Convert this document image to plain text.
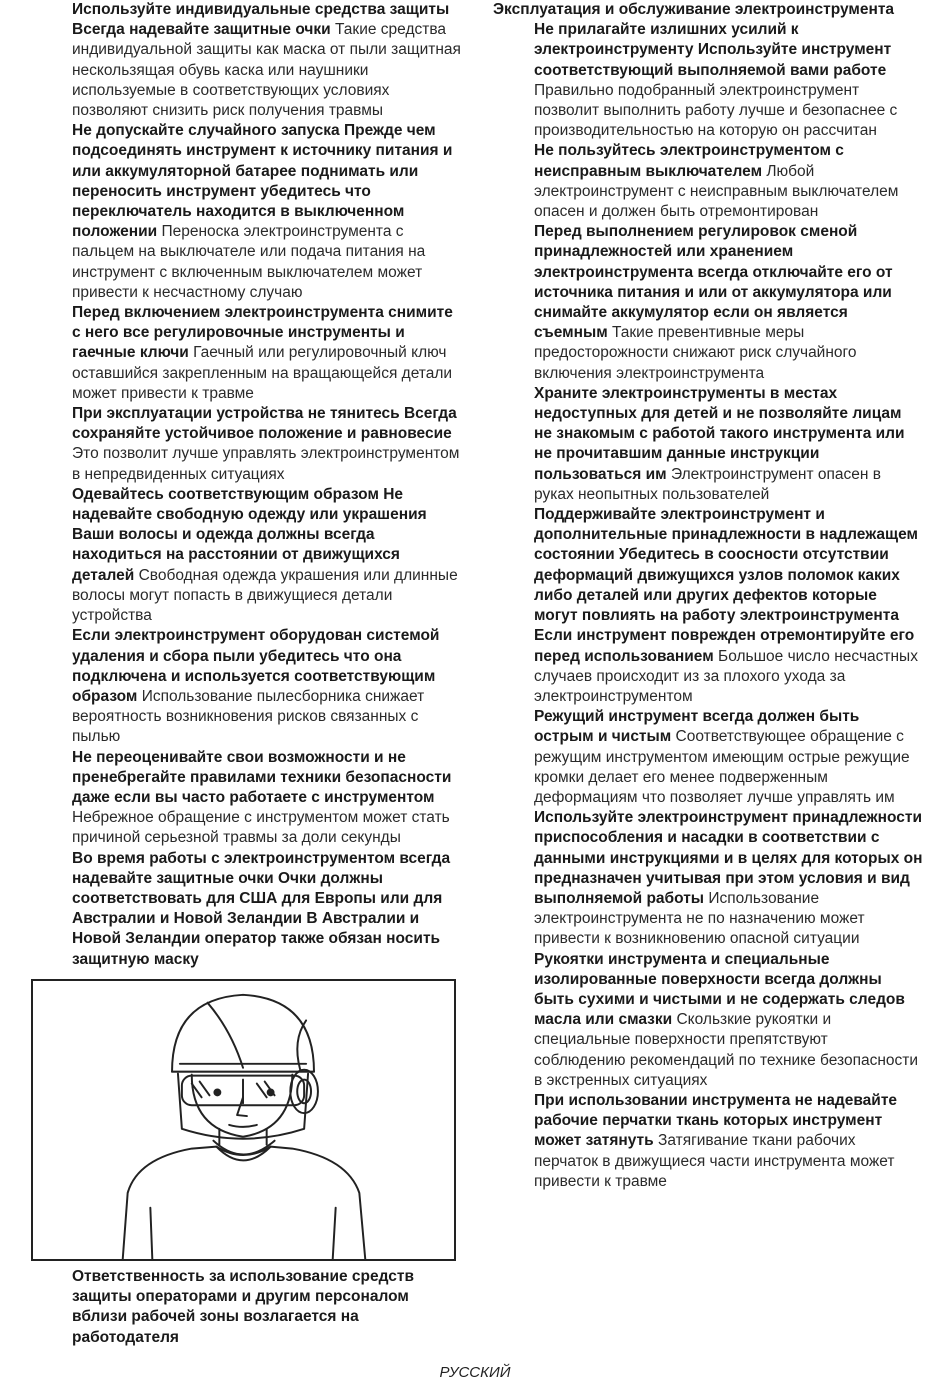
Используйте индивидуальные средства защиты Всегда надевайте защитные очки Такие средства индивидуальной защиты как маска от пыли защитная нескользящая обувь каска или наушники используемые в соответствующих условиях позволяют снизить риск получения травмы

Не допускайте случайного запуска Прежде чем подсоединять инструмент к источнику питания и или аккумуляторной батарее поднимать или переносить инструмент убедитесь что переключатель находится в выключенном положении Переноска электроинструмента с пальцем на выключателе или подача питания на инструмент с включенным выключателем может привести к несчастному случаю

Перед включением электроинструмента снимите с него все регулировочные инструменты и гаечные ключи Гаечный или регулировочный ключ оставшийся закрепленным на вращающейся детали может привести к травме

При эксплуатации устройства не тянитесь Всегда сохраняйте устойчивое положение и равновесие Это позволит лучше управлять электроинструментом в непредвиденных ситуациях

Одевайтесь соответствующим образом Не надевайте свободную одежду или украшения Ваши волосы и одежда должны всегда находиться на расстоянии от движущихся деталей Свободная одежда украшения или длинные волосы могут попасть в движущиеся детали устройства

Если электроинструмент оборудован системой удаления и сбора пыли убедитесь что она подключена и используется соответствующим образом Использование пылесборника снижает вероятность возникновения рисков связанных с пылью

Не переоценивайте свои возможности и не пренебрегайте правилами техники безопасности даже если вы часто работаете с инструментом Небрежное обращение с инструментом может стать причиной серьезной травмы за доли секунды

Во время работы с электроинструментом всегда надевайте защитные очки Очки должны соответствовать для США для Европы или для Австралии и Новой Зеландии В Австралии и Новой Зеландии оператор также обязан носить защитную маску

Ответственность за использование средств защиты операторами и другим персоналом вблизи рабочей зоны возлагается на работодателя

Эксплуатация и обслуживание электроинструмента

Не прилагайте излишних усилий к электроинструменту Используйте инструмент соответствующий выполняемой вами работе Правильно подобранный электроинструмент позволит выполнить работу лучше и безопаснее с производительностью на которую он рассчитан

Не пользуйтесь электроинструментом с неисправным выключателем Любой электроинструмент с неисправным выключателем опасен и должен быть отремонтирован

Перед выполнением регулировок сменой принадлежностей или хранением электроинструмента всегда отключайте его от источника питания и или от аккумулятора или снимайте аккумулятор если он является съемным Такие превентивные меры предосторожности снижают риск случайного включения электроинструмента

Храните электроинструменты в местах недоступных для детей и не позволяйте лицам не знакомым с работой такого инструмента или не прочитавшим данные инструкции пользоваться им Электроинструмент опасен в руках неопытных пользователей

Поддерживайте электроинструмент и дополнительные принадлежности в надлежащем состоянии Убедитесь в соосности отсутствии деформаций движущихся узлов поломок каких либо деталей или других дефектов которые могут повлиять на работу электроинструмента Если инструмент поврежден отремонтируйте его перед использованием Большое число несчастных случаев происходит из за плохого ухода за электроинструментом

Режущий инструмент всегда должен быть острым и чистым Соответствующее обращение с режущим инструментом имеющим острые режущие кромки делает его менее подверженным деформациям что позволяет лучше управлять им

Используйте электроинструмент принадлежности приспособления и насадки в соответствии с данными инструкциями и в целях для которых он предназначен учитывая при этом условия и вид выполняемой работы Использование электроинструмента не по назначению может привести к возникновению опасной ситуации

Рукоятки инструмента и специальные изолированные поверхности всегда должны быть сухими и чистыми и не содержать следов масла или смазки Скользкие рукоятки и специальные поверхности препятствуют соблюдению рекомендаций по технике безопасности в экстренных ситуациях

При использовании инструмента не надевайте рабочие перчатки ткань которых инструмент может затянуть Затягивание ткани рабочих перчаток в движущиеся части инструмента может привести к травме

РУССКИЙ
